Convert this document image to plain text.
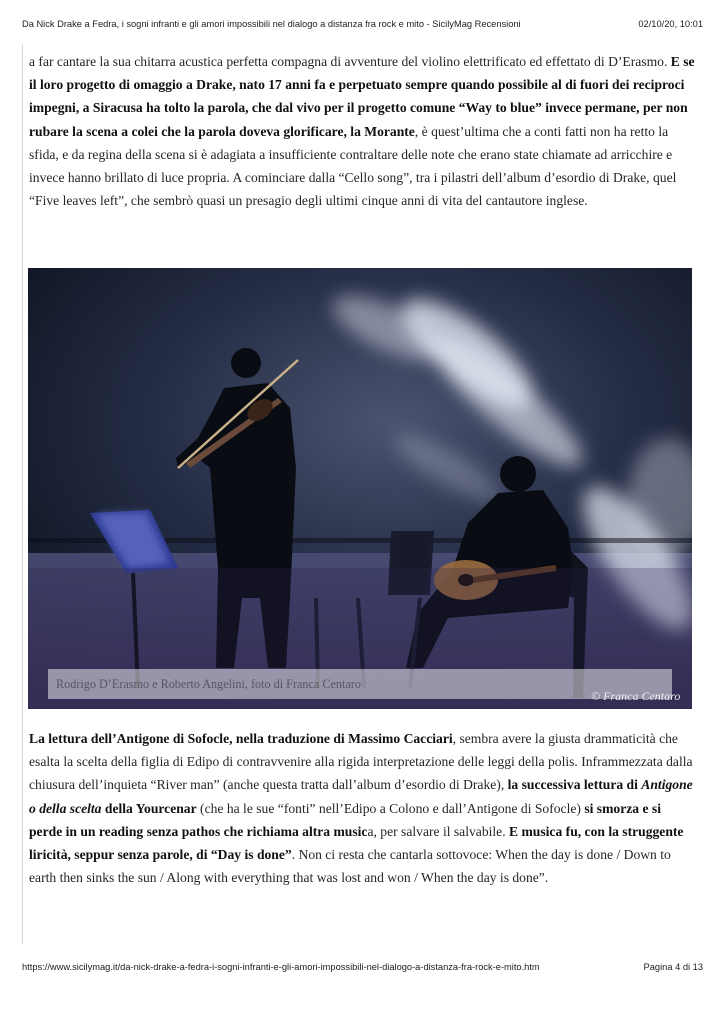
Da Nick Drake a Fedra, i sogni infranti e gli amori impossibili nel dialogo a distanza fra rock e mito - SicilyMag Recensioni	02/10/20, 10:01

a far cantare la sua chitarra acustica perfetta compagna di avventure del violino elettrificato ed effettato di D’Erasmo. E se il loro progetto di omaggio a Drake, nato 17 anni fa e perpetuato sempre quando possibile al di fuori dei reciproci impegni, a Siracusa ha tolto la parola, che dal vivo per il progetto comune “Way to blue” invece permane, per non rubare la scena a colei che la parola doveva glorificare, la Morante, è quest’ultima che a conti fatti non ha retto la sfida, e da regina della scena si è adagiata a insufficiente contraltare delle note che erano state chiamate ad arricchire e invece hanno brillato di luce propria. A cominciare dalla “Cello song”, tra i pilastri dell’album d’esordio di Drake, quel “Five leaves left”, che sembrò quasi un presagio degli ultimi cinque anni di vita del cantautore inglese.

Rodrigo D’Erasmo e Roberto Angelini, foto di Franca Centaro
© Franca Centaro

La lettura dell’Antigone di Sofocle, nella traduzione di Massimo Cacciari, sembra avere la giusta drammaticità che esalta la scelta della figlia di Edipo di contravvenire alla rigida interpretazione delle leggi della polis. Inframmezzata dalla chiusura dell’inquieta “River man” (anche questa tratta dall’album d’esordio di Drake), la successiva lettura di Antigone o della scelta della Yourcenar (che ha le sue “fonti” nell’Edipo a Colono e dall’Antigone di Sofocle) si smorza e si perde in un reading senza pathos che richiama altra musica, per salvare il salvabile. E musica fu, con la struggente liricità, seppur senza parole, di “Day is done”. Non ci resta che cantarla sottovoce: When the day is done / Down to earth then sinks the sun / Along with everything that was lost and won / When the day is done”.

https://www.sicilymag.it/da-nick-drake-a-fedra-i-sogni-infranti-e-gli-amori-impossibili-nel-dialogo-a-distanza-fra-rock-e-mito.htm	Pagina 4 di 13
